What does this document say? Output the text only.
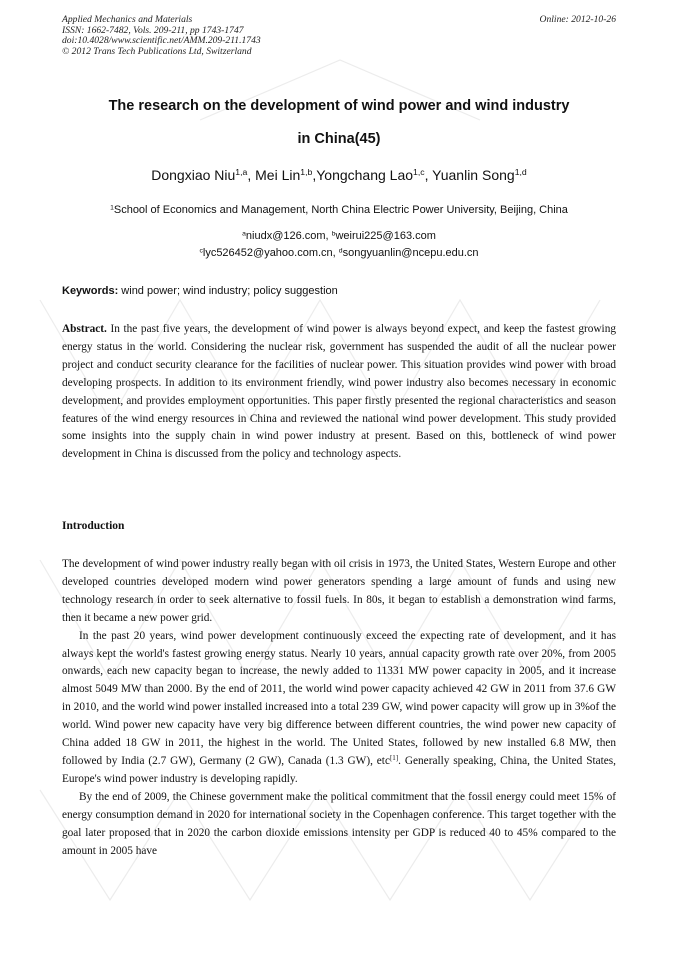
Applied Mechanics and Materials
ISSN: 1662-7482, Vols. 209-211, pp 1743-1747
doi:10.4028/www.scientific.net/AMM.209-211.1743
© 2012 Trans Tech Publications Ltd, Switzerland
Online: 2012-10-26
The research on the development of wind power and wind industry
in China(45)
Dongxiao Niu$^{1,a}$, Mei Lin$^{1,b}$,Yongchang Lao$^{1,c}$, Yuanlin Song$^{1,d}$
$^1$School of Economics and Management, North China Electric Power University, Beijing, China
$^a$niudx@126.com, $^b$weirui225@163.com
$^c$lyc526452@yahoo.com.cn, $^d$songyuanlin@ncepu.edu.cn
Keywords: wind power; wind industry; policy suggestion
Abstract. In the past five years, the development of wind power is always beyond expect, and keep the fastest growing energy status in the world. Considering the nuclear risk, government has suspended the audit of all the nuclear power project and conduct security clearance for the facilities of nuclear power. This situation provides wind power with broad developing prospects. In addition to its environment friendly, wind power industry also becomes necessary in economic development, and provides employment opportunities. This paper firstly presented the regional characteristics and season features of the wind energy resources in China and reviewed the national wind power development. This study provided some insights into the supply chain in wind power industry at present. Based on this, bottleneck of wind power development in China is discussed from the policy and technology aspects.
Introduction

The development of wind power industry really began with oil crisis in 1973, the United States, Western Europe and other developed countries developed modern wind power generators spending a large amount of funds and using new technology research in order to seek alternative to fossil fuels. In 80s, it began to establish a demonstration wind farms, then it became a new power grid.

In the past 20 years, wind power development continuously exceed the expecting rate of development, and it has always kept the world's fastest growing energy status. Nearly 10 years, annual capacity growth rate over 20%, from 2005 onwards, each new capacity began to increase, the newly added to 11331 MW power capacity in 2005, and it increase almost 5049 MW than 2000. By the end of 2011, the world wind power capacity achieved 42 GW in 2011 from 37.6 GW in 2010, and the world wind power installed increased into a total 239 GW, wind power capacity will grow up in 3%of the world. Wind power new capacity have very big difference between different countries, the wind power new capacity of China added 18 GW in 2011, the highest in the world. The United States, followed by new installed 6.8 MW, then followed by India (2.7 GW), Germany (2 GW), Canada (1.3 GW), etc[1]. Generally speaking, China, the United States, Europe's wind power industry is developing rapidly.

By the end of 2009, the Chinese government make the political commitment that the fossil energy could meet 15% of energy consumption demand in 2020 for international society in the Copenhagen conference. This target together with the goal later proposed that in 2020 the carbon dioxide emissions intensity per GDP is reduced 40 to 45% compared to the amount in 2005 have
